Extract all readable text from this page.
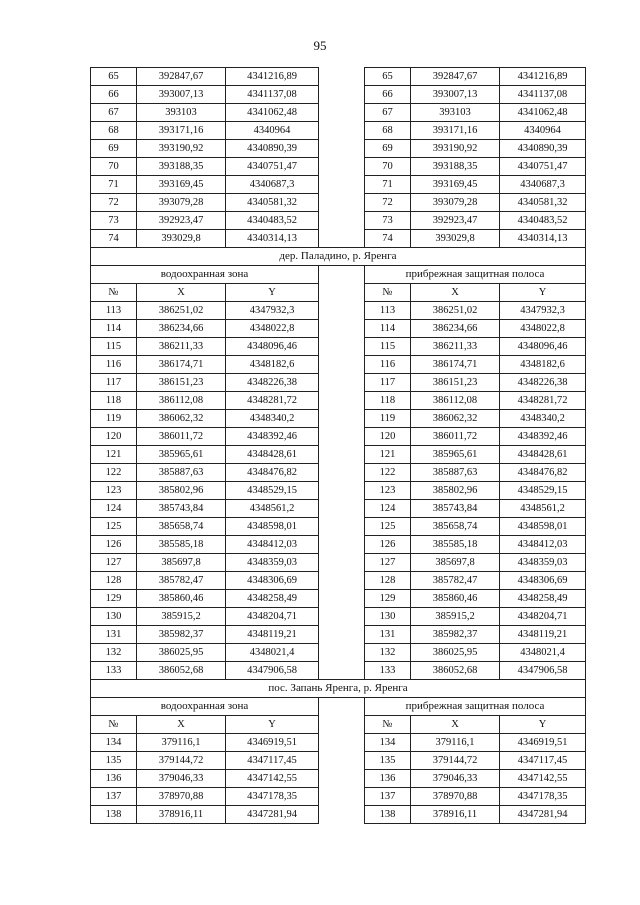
95
65	392847,67	4341216,89		65	392847,67	4341216,89
66	393007,13	4341137,08		66	393007,13	4341137,08
67	393103	4341062,48		67	393103	4341062,48
68	393171,16	4340964		68	393171,16	4340964
69	393190,92	4340890,39		69	393190,92	4340890,39
70	393188,35	4340751,47		70	393188,35	4340751,47
71	393169,45	4340687,3		71	393169,45	4340687,3
72	393079,28	4340581,32		72	393079,28	4340581,32
73	392923,47	4340483,52		73	392923,47	4340483,52
74	393029,8	4340314,13		74	393029,8	4340314,13
дер. Паладино, р. Яренга						
водоохранная зона				прибрежная защитная полоса		
№	X	Y		№	X	Y
113	386251,02	4347932,3		113	386251,02	4347932,3
114	386234,66	4348022,8		114	386234,66	4348022,8
115	386211,33	4348096,46		115	386211,33	4348096,46
116	386174,71	4348182,6		116	386174,71	4348182,6
117	386151,23	4348226,38		117	386151,23	4348226,38
118	386112,08	4348281,72		118	386112,08	4348281,72
119	386062,32	4348340,2		119	386062,32	4348340,2
120	386011,72	4348392,46		120	386011,72	4348392,46
121	385965,61	4348428,61		121	385965,61	4348428,61
122	385887,63	4348476,82		122	385887,63	4348476,82
123	385802,96	4348529,15		123	385802,96	4348529,15
124	385743,84	4348561,2		124	385743,84	4348561,2
125	385658,74	4348598,01		125	385658,74	4348598,01
126	385585,18	4348412,03		126	385585,18	4348412,03
127	385697,8	4348359,03		127	385697,8	4348359,03
128	385782,47	4348306,69		128	385782,47	4348306,69
129	385860,46	4348258,49		129	385860,46	4348258,49
130	385915,2	4348204,71		130	385915,2	4348204,71
131	385982,37	4348119,21		131	385982,37	4348119,21
132	386025,95	4348021,4		132	386025,95	4348021,4
133	386052,68	4347906,58		133	386052,68	4347906,58
пос. Запань Яренга, р. Яренга						
водоохранная зона				прибрежная защитная полоса		
№	X	Y		№	X	Y
134	379116,1	4346919,51		134	379116,1	4346919,51
135	379144,72	4347117,45		135	379144,72	4347117,45
136	379046,33	4347142,55		136	379046,33	4347142,55
137	378970,88	4347178,35		137	378970,88	4347178,35
138	378916,11	4347281,94		138	378916,11	4347281,94
